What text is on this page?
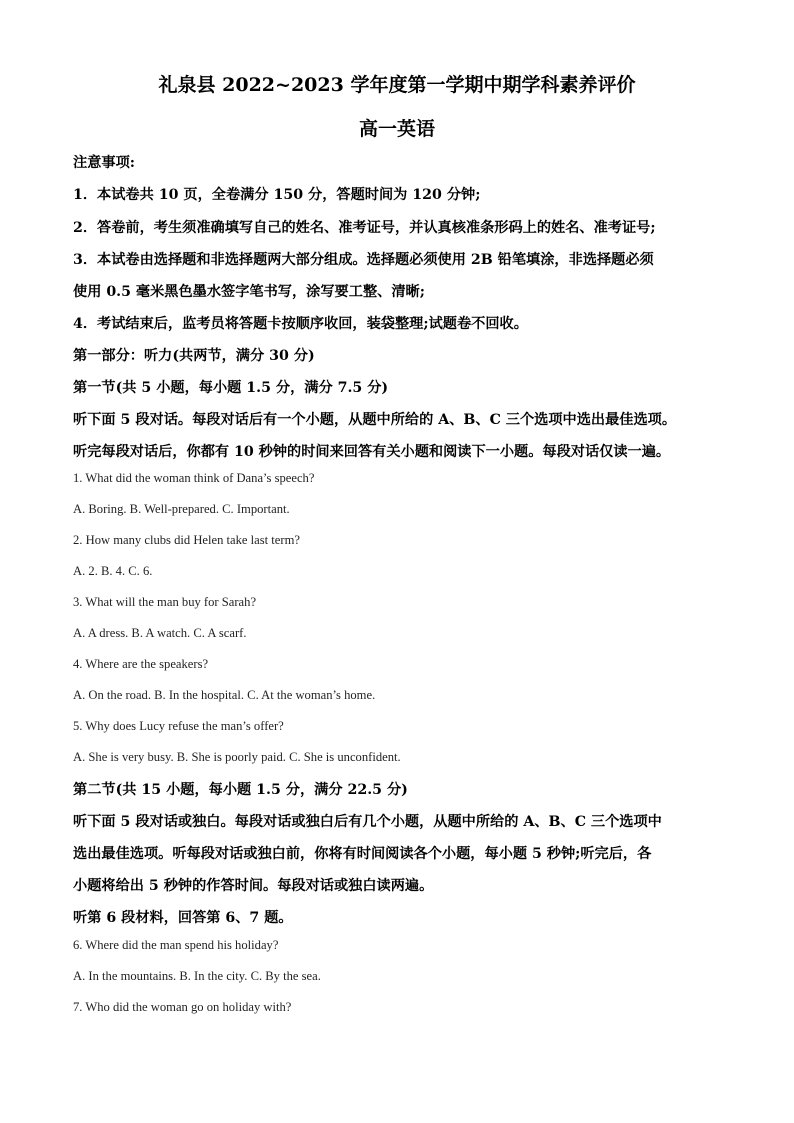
礼泉县 2022~2023 学年度第一学期中期学科素养评价
高一英语
注意事项:
1．本试卷共 10 页，全卷满分 150 分，答题时间为 120 分钟;
2．答卷前，考生须准确填写自己的姓名、准考证号，并认真核准条形码上的姓名、准考证号;
3．本试卷由选择题和非选择题两大部分组成。选择题必须使用 2B 铅笔填涂，非选择题必须
使用 0.5 毫米黑色墨水签字笔书写，涂写要工整、清晰;
4．考试结束后，监考员将答题卡按顺序收回，装袋整理;试题卷不回收。
第一部分：听力(共两节，满分 30 分)
第一节(共 5 小题，每小题 1.5 分，满分 7.5 分)
听下面 5 段对话。每段对话后有一个小题，从题中所给的 A、B、C 三个选项中选出最佳选项。
听完每段对话后，你都有 10 秒钟的时间来回答有关小题和阅读下一小题。每段对话仅读一遍。
1. What did the woman think of Dana’s speech?
A. Boring. B. Well-prepared. C. Important.
2. How many clubs did Helen take last term?
A. 2. B. 4. C. 6.
3. What will the man buy for Sarah?
A. A dress. B. A watch. C. A scarf.
4. Where are the speakers?
A. On the road. B. In the hospital. C. At the woman’s home.
5. Why does Lucy refuse the man’s offer?
A. She is very busy. B. She is poorly paid. C. She is unconfident.
第二节(共 15 小题，每小题 1.5 分，满分 22.5 分)
听下面 5 段对话或独白。每段对话或独白后有几个小题，从题中所给的 A、B、C 三个选项中
选出最佳选项。听每段对话或独白前，你将有时间阅读各个小题，每小题 5 秒钟;听完后，各
小题将给出 5 秒钟的作答时间。每段对话或独白读两遍。
听第 6 段材料，回答第 6、7 题。
6. Where did the man spend his holiday?
A. In the mountains. B. In the city. C. By the sea.
7. Who did the woman go on holiday with?
